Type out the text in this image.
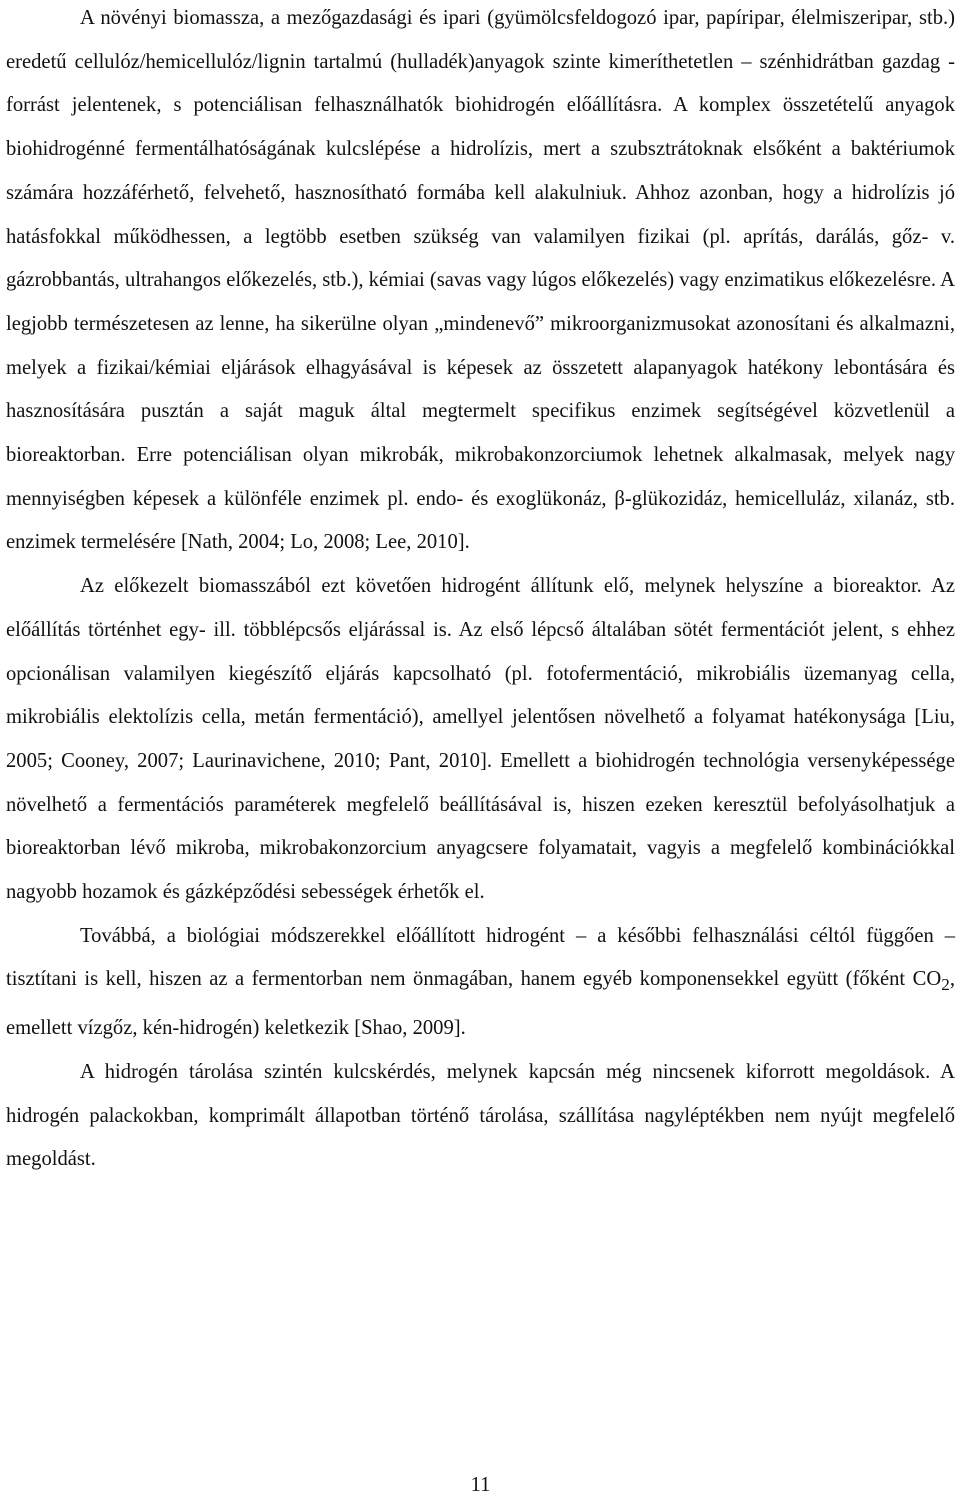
A növényi biomassza, a mezőgazdasági és ipari (gyümölcsfeldogozó ipar, papíripar, élelmiszeripar, stb.) eredetű cellulóz/hemicellulóz/lignin tartalmú (hulladék)anyagok szinte kimeríthetetlen – szénhidrátban gazdag - forrást jelentenek, s potenciálisan felhasználhatók biohidrogén előállításra. A komplex összetételű anyagok biohidrogénné fermentálhatóságának kulcslépése a hidrolízis, mert a szubsztrátoknak elsőként a baktériumok számára hozzáférhető, felvehető, hasznosítható formába kell alakulniuk. Ahhoz azonban, hogy a hidrolízis jó hatásfokkal működhessen, a legtöbb esetben szükség van valamilyen fizikai (pl. aprítás, darálás, gőz- v. gázrobbantás, ultrahangos előkezelés, stb.), kémiai (savas vagy lúgos előkezelés) vagy enzimatikus előkezelésre. A legjobb természetesen az lenne, ha sikerülne olyan „mindenevő” mikroorganizmusokat azonosítani és alkalmazni, melyek a fizikai/kémiai eljárások elhagyásával is képesek az összetett alapanyagok hatékony lebontására és hasznosítására pusztán a saját maguk által megtermelt specifikus enzimek segítségével közvetlenül a bioreaktorban. Erre potenciálisan olyan mikrobák, mikrobakonzorciumok lehetnek alkalmasak, melyek nagy mennyiségben képesek a különféle enzimek pl. endo- és exoglükonáz, β-glükozidáz, hemicelluláz, xilanáz, stb. enzimek termelésére [Nath, 2004; Lo, 2008; Lee, 2010].

Az előkezelt biomasszából ezt követően hidrogént állítunk elő, melynek helyszíne a bioreaktor. Az előállítás történhet egy- ill. többlépcsős eljárással is. Az első lépcső általában sötét fermentációt jelent, s ehhez opcionálisan valamilyen kiegészítő eljárás kapcsolható (pl. fotofermentáció, mikrobiális üzemanyag cella, mikrobiális elektolízis cella, metán fermentáció), amellyel jelentősen növelhető a folyamat hatékonysága [Liu, 2005; Cooney, 2007; Laurinavichene, 2010; Pant, 2010]. Emellett a biohidrogén technológia versenyképessége növelhető a fermentációs paraméterek megfelelő beállításával is, hiszen ezeken keresztül befolyásolhatjuk a bioreaktorban lévő mikroba, mikrobakonzorcium anyagcsere folyamatait, vagyis a megfelelő kombinációkkal nagyobb hozamok és gázképződési sebességek érhetők el.

Továbbá, a biológiai módszerekkel előállított hidrogént – a későbbi felhasználási céltól függően – tisztítani is kell, hiszen az a fermentorban nem önmagában, hanem egyéb komponensekkel együtt (főként $CO_2$, emellett vízgőz, kén-hidrogén) keletkezik [Shao, 2009].

A hidrogén tárolása szintén kulcskérdés, melynek kapcsán még nincsenek kiforrott megoldások. A hidrogén palackokban, komprimált állapotban történő tárolása, szállítása nagyléptékben nem nyújt megfelelő megoldást.

11
